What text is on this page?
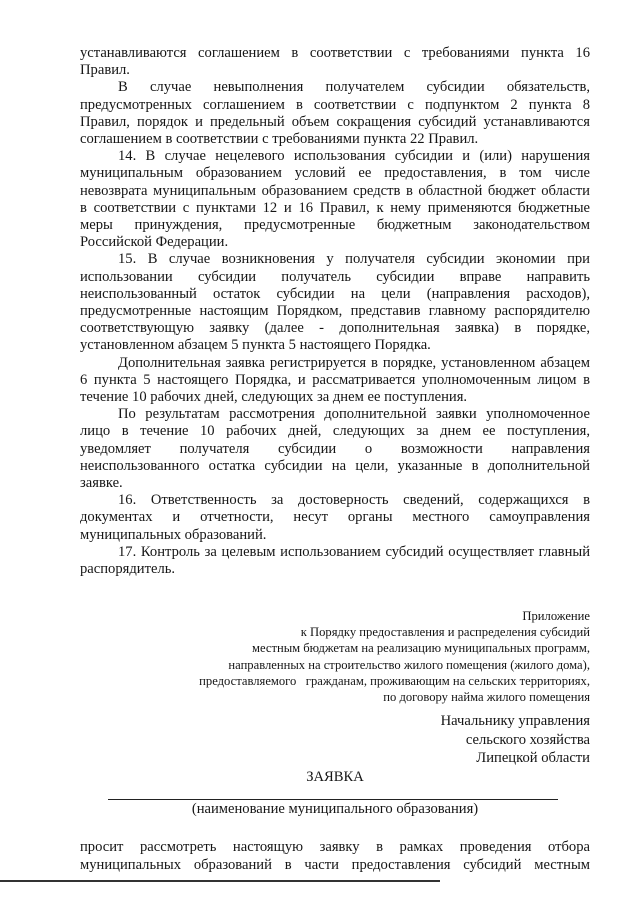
устанавливаются соглашением в соответствии с требованиями пункта 16
Правил.
В случае невыполнения получателем субсидии обязательств,
предусмотренных соглашением в соответствии с подпунктом 2 пункта 8
Правил, порядок и предельный объем сокращения субсидий устанавливаются
соглашением в соответствии с требованиями пункта 22 Правил.
14. В случае нецелевого использования субсидии и (или) нарушения
муниципальным образованием условий ее предоставления, в том числе
невозврата муниципальным образованием средств в областной бюджет области
в соответствии с пунктами 12 и 16 Правил, к нему применяются бюджетные
меры принуждения, предусмотренные бюджетным законодательством
Российской Федерации.
15. В случае возникновения у получателя субсидии экономии при
использовании субсидии получатель субсидии вправе направить
неиспользованный остаток субсидии на цели (направления расходов),
предусмотренные настоящим Порядком, представив главному распорядителю
соответствующую заявку (далее - дополнительная заявка) в порядке,
установленном абзацем 5 пункта 5 настоящего Порядка.
Дополнительная заявка регистрируется в порядке, установленном абзацем
6 пункта 5 настоящего Порядка, и рассматривается уполномоченным лицом в
течение 10 рабочих дней, следующих за днем ее поступления.
По результатам рассмотрения дополнительной заявки уполномоченное
лицо в течение 10 рабочих дней, следующих за днем ее поступления,
уведомляет получателя субсидии о возможности направления
неиспользованного остатка субсидии на цели, указанные в дополнительной
заявке.
16. Ответственность за достоверность сведений, содержащихся в
документах и отчетности, несут органы местного самоуправления
муниципальных образований.
17. Контроль за целевым использованием субсидий осуществляет главный
распорядитель.
Приложение
к Порядку предоставления и распределения субсидий
местным бюджетам на реализацию муниципальных программ,
направленных на строительство жилого помещения (жилого дома),
предоставляемого   гражданам, проживающим на сельских территориях,
по договору найма жилого помещения
Начальнику управления
сельского хозяйства
Липецкой области
ЗАЯВКА
(наименование муниципального образования)
просит рассмотреть настоящую заявку в рамках проведения отбора
муниципальных образований в части предоставления субсидий местным
